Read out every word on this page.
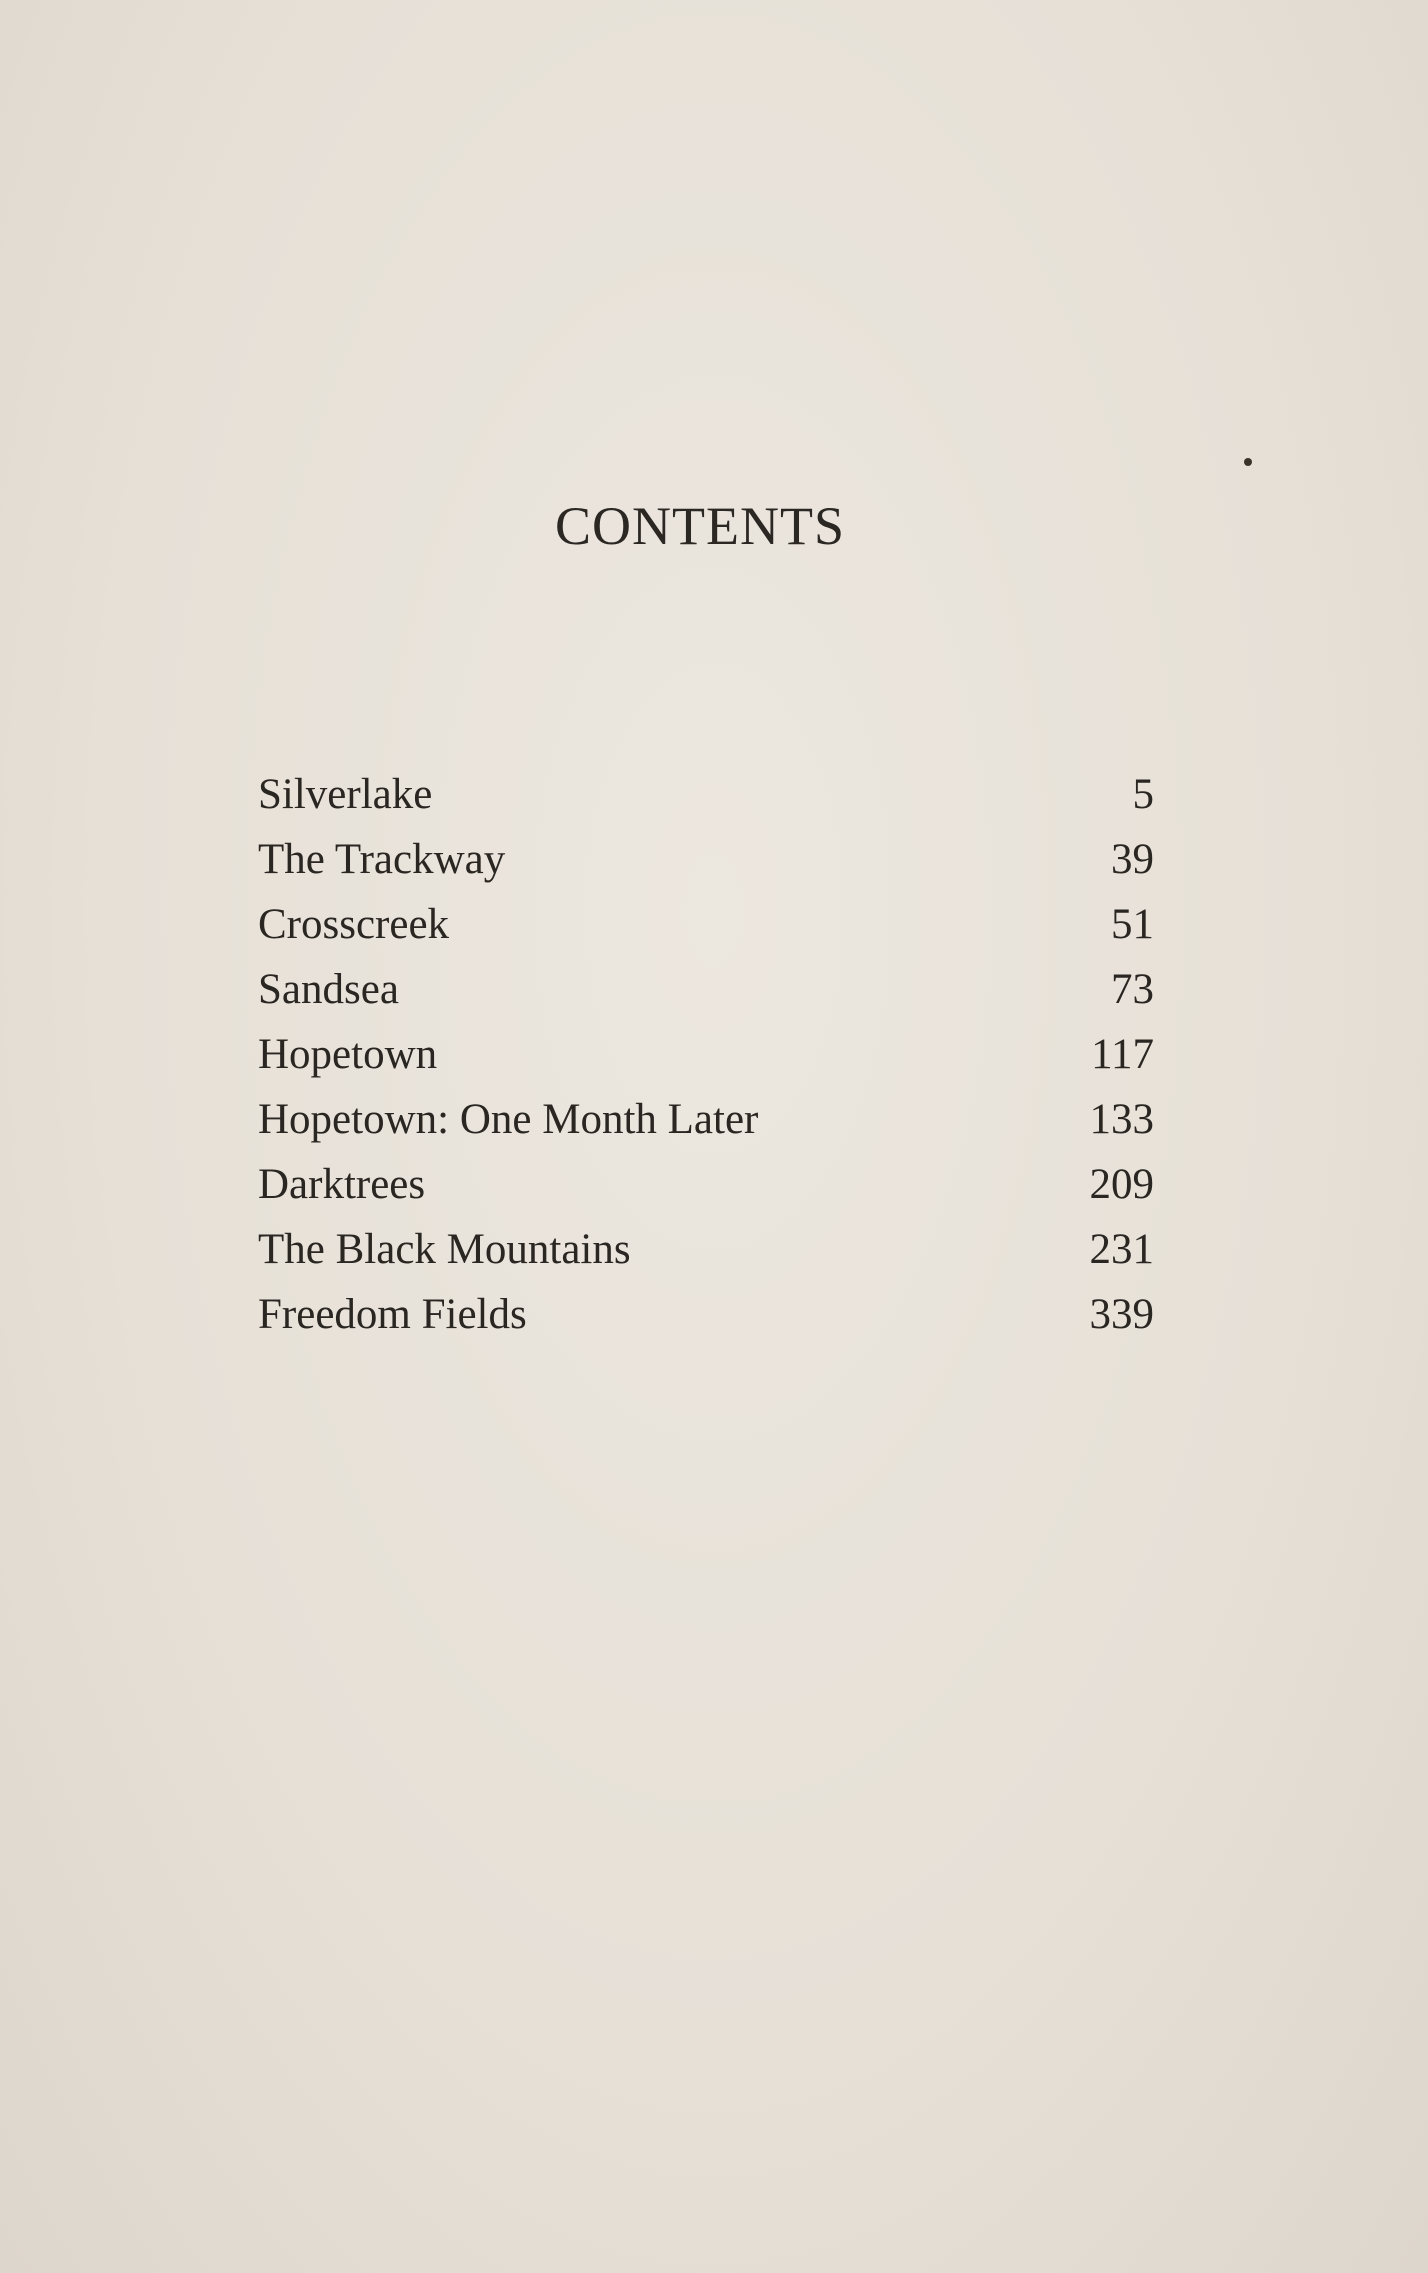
CONTENTS
Silverlake	5
The Trackway	39
Crosscreek	51
Sandsea	73
Hopetown	117
Hopetown: One Month Later	133
Darktrees	209
The Black Mountains	231
Freedom Fields	339
